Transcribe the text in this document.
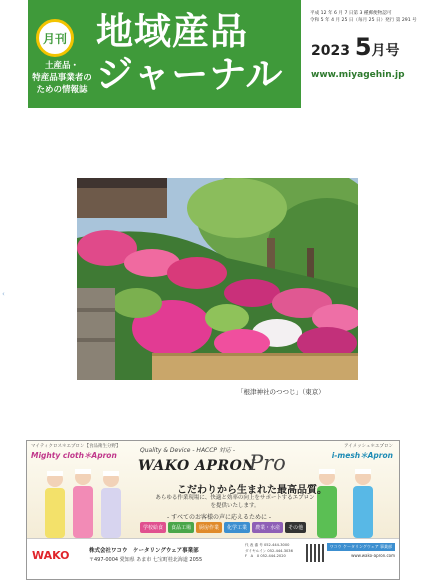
月刊
土産品・
特産品事業者の
ための情報誌
地域産品
ジャーナル
平成 12 年 6 月 7 日第 3 種郵便物認可
令和 5 年 4 月 25 日（毎月 25 日）発行 第 291 号
2023 5月号
www.miyagehin.jp
‹
「根津神社のつつじ」（東京）
マイティクロス＊エプロン【食品衛生分野】
Mighty cloth＊Apron
アイメッシュ＊エプロン
i-mesh＊Apron
Quality & Device - HACCP 対応 -
WAKO APRON
Pro
こだわりから生まれた最高品質。
あらゆる作業現場に、快適と効率の向上をサポートするエプロンを提供いたします。
- すべてのお客様の声に応えるために -
学校給食	食品工場	厨房作業	化学工業	農業・水産	その他
WAKO	株式会社ワコウ　ケータリングウェア事業部
〒497-0004 愛知県 あま市 七宝町桂北海道 2055
代 表 番 号 052-444-3000
ダイヤルイン 052-444-3036
F　A　X 052-444-2020
ワコウ ケータリングウェア 事業部
www.wako-apron.com
